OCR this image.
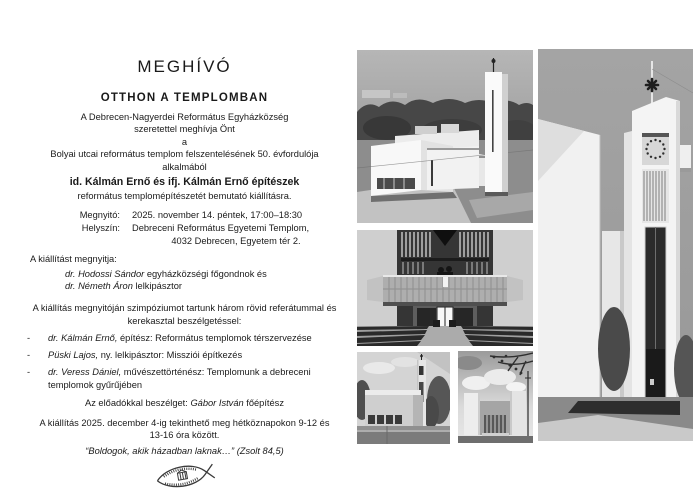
MEGHÍVÓ
OTTHON A TEMPLOMBAN
A Debrecen-Nagyerdei Református Egyházközség
szeretettel meghívja Önt
a
Bolyai utcai református templom felszentelésének 50. évfordulója
alkalmából
id. Kálmán Ernő és ifj. Kálmán Ernő építészek
református templomépítészetét bemutató kiállításra.
Megnyitó: 2025. november 14. péntek, 17:00–18:30
Helyszín: Debreceni Református Egyetemi Templom,
4032 Debrecen, Egyetem tér 2.
A kiállítást megnyitja:
dr. Hodossi Sándor egyházközségi főgondnok és
dr. Németh Áron lelkipásztor
A kiállítás megnyitóján szimpóziumot tartunk három rövid referátummal és
kerekasztal beszélgetéssel:
-	dr. Kálmán Ernő, építész: Református templomok térszervezése
-	Püski Lajos, ny. lelkipásztor: Missziói építkezés
-	dr. Veress Dániel, művészettörténész: Templomunk a debreceni templomok gyűrűjében
Az előadókkal beszélget: Gábor István főépítész
A kiállítás 2025. december 4-ig tekinthető meg hétköznapokon 9-12 és
13-16 óra között.
“Boldogok, akik házadban laknak…” (Zsolt 84,5)
